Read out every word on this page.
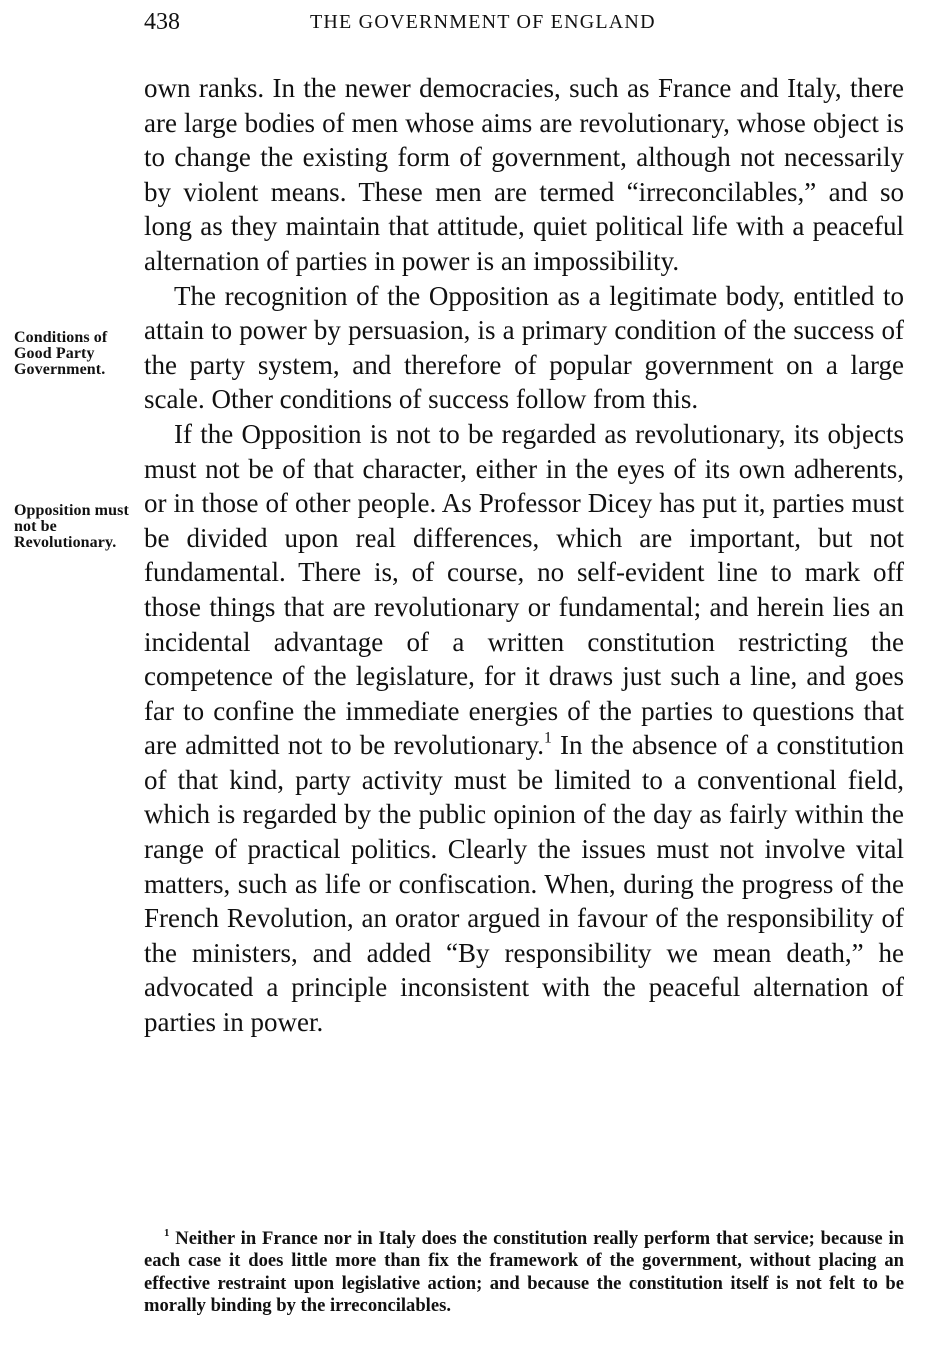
438	THE GOVERNMENT OF ENGLAND
Conditions of Good Party Government.
Opposition must not be Revolutionary.

own ranks. In the newer democracies, such as France and Italy, there are large bodies of men whose aims are revolutionary, whose object is to change the existing form of government, although not necessarily by violent means. These men are termed “irreconcilables,” and so long as they maintain that attitude, quiet political life with a peaceful alternation of parties in power is an impossibility.

The recognition of the Opposition as a legitimate body, entitled to attain to power by persuasion, is a primary condition of the success of the party system, and therefore of popular government on a large scale. Other conditions of success follow from this.

If the Opposition is not to be regarded as revolutionary, its objects must not be of that character, either in the eyes of its own adherents, or in those of other people. As Professor Dicey has put it, parties must be divided upon real differences, which are important, but not fundamental. There is, of course, no self-evident line to mark off those things that are revolutionary or fundamental; and herein lies an incidental advantage of a written constitution restricting the competence of the legislature, for it draws just such a line, and goes far to confine the immediate energies of the parties to questions that are admitted not to be revolutionary.$^1$ In the absence of a constitution of that kind, party activity must be limited to a conventional field, which is regarded by the public opinion of the day as fairly within the range of practical politics. Clearly the issues must not involve vital matters, such as life or confiscation. When, during the progress of the French Revolution, an orator argued in favour of the responsibility of the ministers, and added “By responsibility we mean death,” he advocated a principle inconsistent with the peaceful alternation of parties in power.

$^1$ Neither in France nor in Italy does the constitution really perform that service; because in each case it does little more than fix the framework of the government, without placing an effective restraint upon legislative action; and because the constitution itself is not felt to be morally binding by the irreconcilables.
